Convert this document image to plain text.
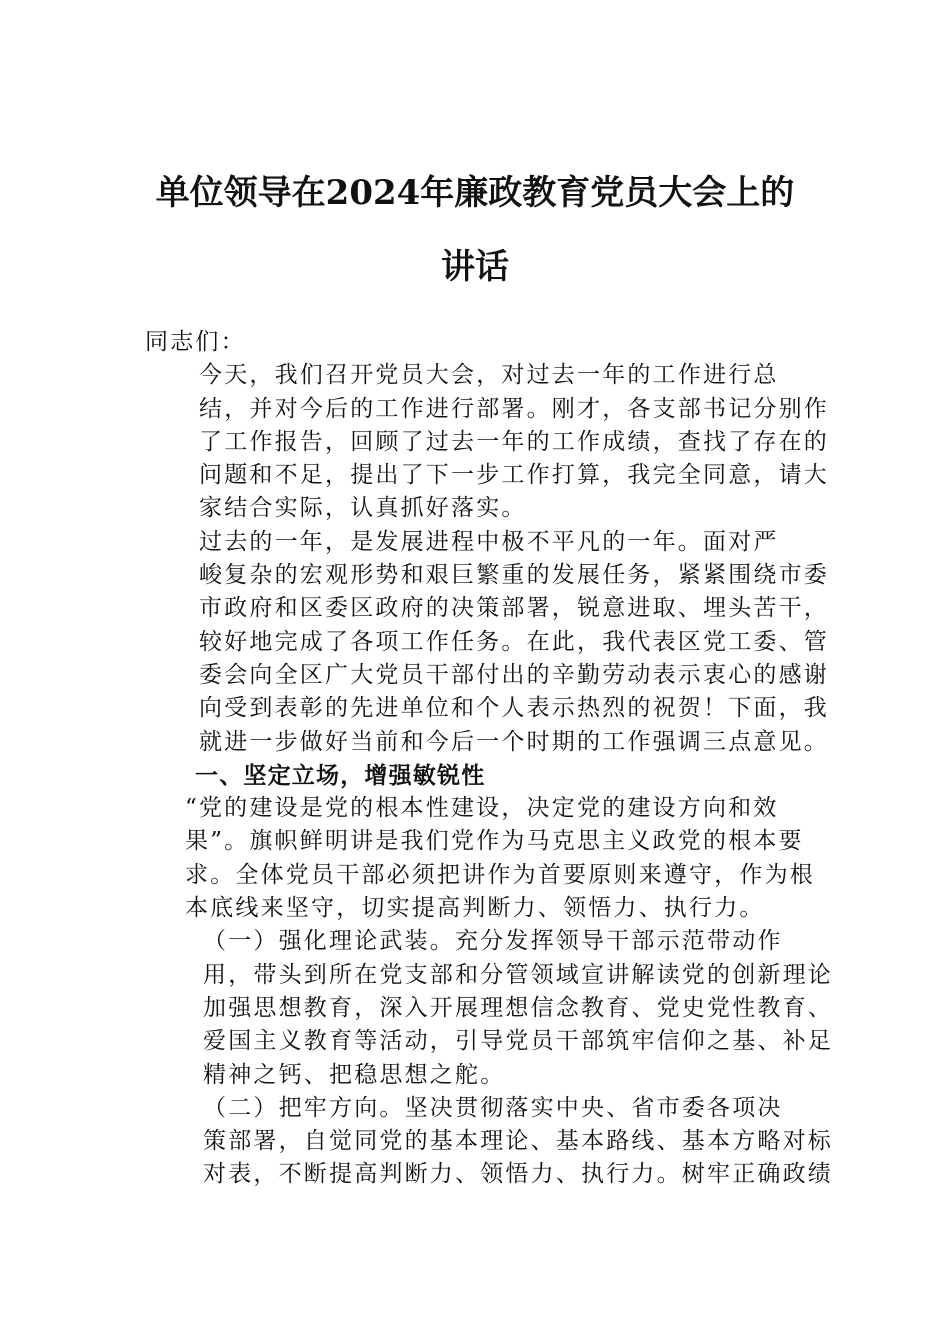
单位领导在2024年廉政教育党员大会上的
讲话

同志们：

今天，我们召开党员大会，对过去一年的工作进行总
结，并对今后的工作进行部署。刚才，各支部书记分别作
了工作报告，回顾了过去一年的工作成绩，查找了存在的
问题和不足，提出了下一步工作打算，我完全同意，请大
家结合实际，认真抓好落实。

过去的一年，是发展进程中极不平凡的一年。面对严
峻复杂的宏观形势和艰巨繁重的发展任务，紧紧围绕市委
市政府和区委区政府的决策部署，锐意进取、埋头苦干，
较好地完成了各项工作任务。在此，我代表区党工委、管
委会向全区广大党员干部付出的辛勤劳动表示衷心的感谢
向受到表彰的先进单位和个人表示热烈的祝贺！下面，我
就进一步做好当前和今后一个时期的工作强调三点意见。

一、坚定立场，增强敏锐性

“党的建设是党的根本性建设，决定党的建设方向和效
果”。旗帜鲜明讲是我们党作为马克思主义政党的根本要
求。全体党员干部必须把讲作为首要原则来遵守，作为根
本底线来坚守，切实提高判断力、领悟力、执行力。

（一）强化理论武装。充分发挥领导干部示范带动作
用，带头到所在党支部和分管领域宣讲解读党的创新理论
加强思想教育，深入开展理想信念教育、党史党性教育、
爱国主义教育等活动，引导党员干部筑牢信仰之基、补足
精神之钙、把稳思想之舵。

（二）把牢方向。坚决贯彻落实中央、省市委各项决
策部署，自觉同党的基本理论、基本路线、基本方略对标
对表，不断提高判断力、领悟力、执行力。树牢正确政绩
